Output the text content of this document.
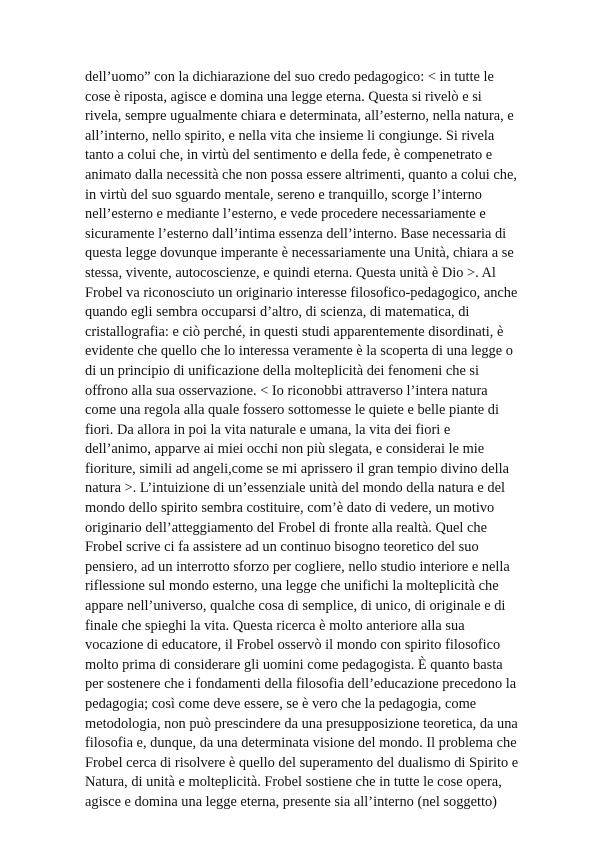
dell’uomo” con la dichiarazione del suo credo pedagogico: < in tutte le
cose è riposta, agisce e domina una legge eterna. Questa si rivelò e si
rivela, sempre ugualmente chiara e determinata, all’esterno, nella natura, e
all’interno, nello spirito, e nella vita che insieme li congiunge. Si rivela
tanto a colui che, in virtù del sentimento e della fede, è compenetrato e
animato dalla necessità che non possa essere altrimenti, quanto a colui che,
in virtù del suo sguardo mentale, sereno e tranquillo, scorge l’interno
nell’esterno e mediante l’esterno, e vede procedere necessariamente e
sicuramente l’esterno dall’intima essenza dell’interno. Base necessaria di
questa legge dovunque imperante è necessariamente una Unità, chiara a se
stessa, vivente, autocoscienze, e quindi eterna. Questa unità è Dio >. Al
Frobel va riconosciuto un originario interesse filosofico-pedagogico, anche
quando egli sembra occuparsi d’altro, di scienza, di matematica, di
cristallografia: e ciò perché, in questi studi apparentemente disordinati, è
evidente che quello che lo interessa veramente è la scoperta di una legge o
di un principio di unificazione della molteplicità dei fenomeni che si
offrono alla sua osservazione. < Io riconobbi attraverso l’intera natura
come una regola alla quale fossero sottomesse le quiete e belle piante di
fiori. Da allora in poi la vita naturale e umana, la vita dei fiori e
dell’animo, apparve ai miei occhi non più slegata, e considerai le mie
fioriture, simili ad angeli,come se mi aprissero il gran tempio divino della
natura >. L’intuizione di un’essenziale unità del mondo della natura e del
mondo dello spirito sembra costituire, com’è dato di vedere, un motivo
originario dell’atteggiamento del Frobel di fronte alla realtà. Quel che
Frobel scrive ci fa assistere ad un continuo bisogno teoretico del suo
pensiero, ad un interrotto sforzo per cogliere, nello studio interiore e nella
riflessione sul mondo esterno, una legge che unifichi la molteplicità che
appare nell’universo, qualche cosa di semplice, di unico, di originale e di
finale che spieghi la vita. Questa ricerca è molto anteriore alla sua
vocazione di educatore, il Frobel osservò il mondo con spirito filosofico
molto prima di considerare gli uomini come pedagogista. È quanto basta
per sostenere che i fondamenti della filosofia dell’educazione precedono la
pedagogia; così come deve essere, se è vero che la pedagogia, come
metodologia, non può prescindere da una presupposizione teoretica, da una
filosofia e, dunque, da una determinata visione del mondo. Il problema che
Frobel cerca di risolvere è quello del superamento del dualismo di Spirito e
Natura, di unità e molteplicità. Frobel sostiene che in tutte le cose opera,
agisce e domina una legge eterna, presente sia all’interno (nel soggetto)
